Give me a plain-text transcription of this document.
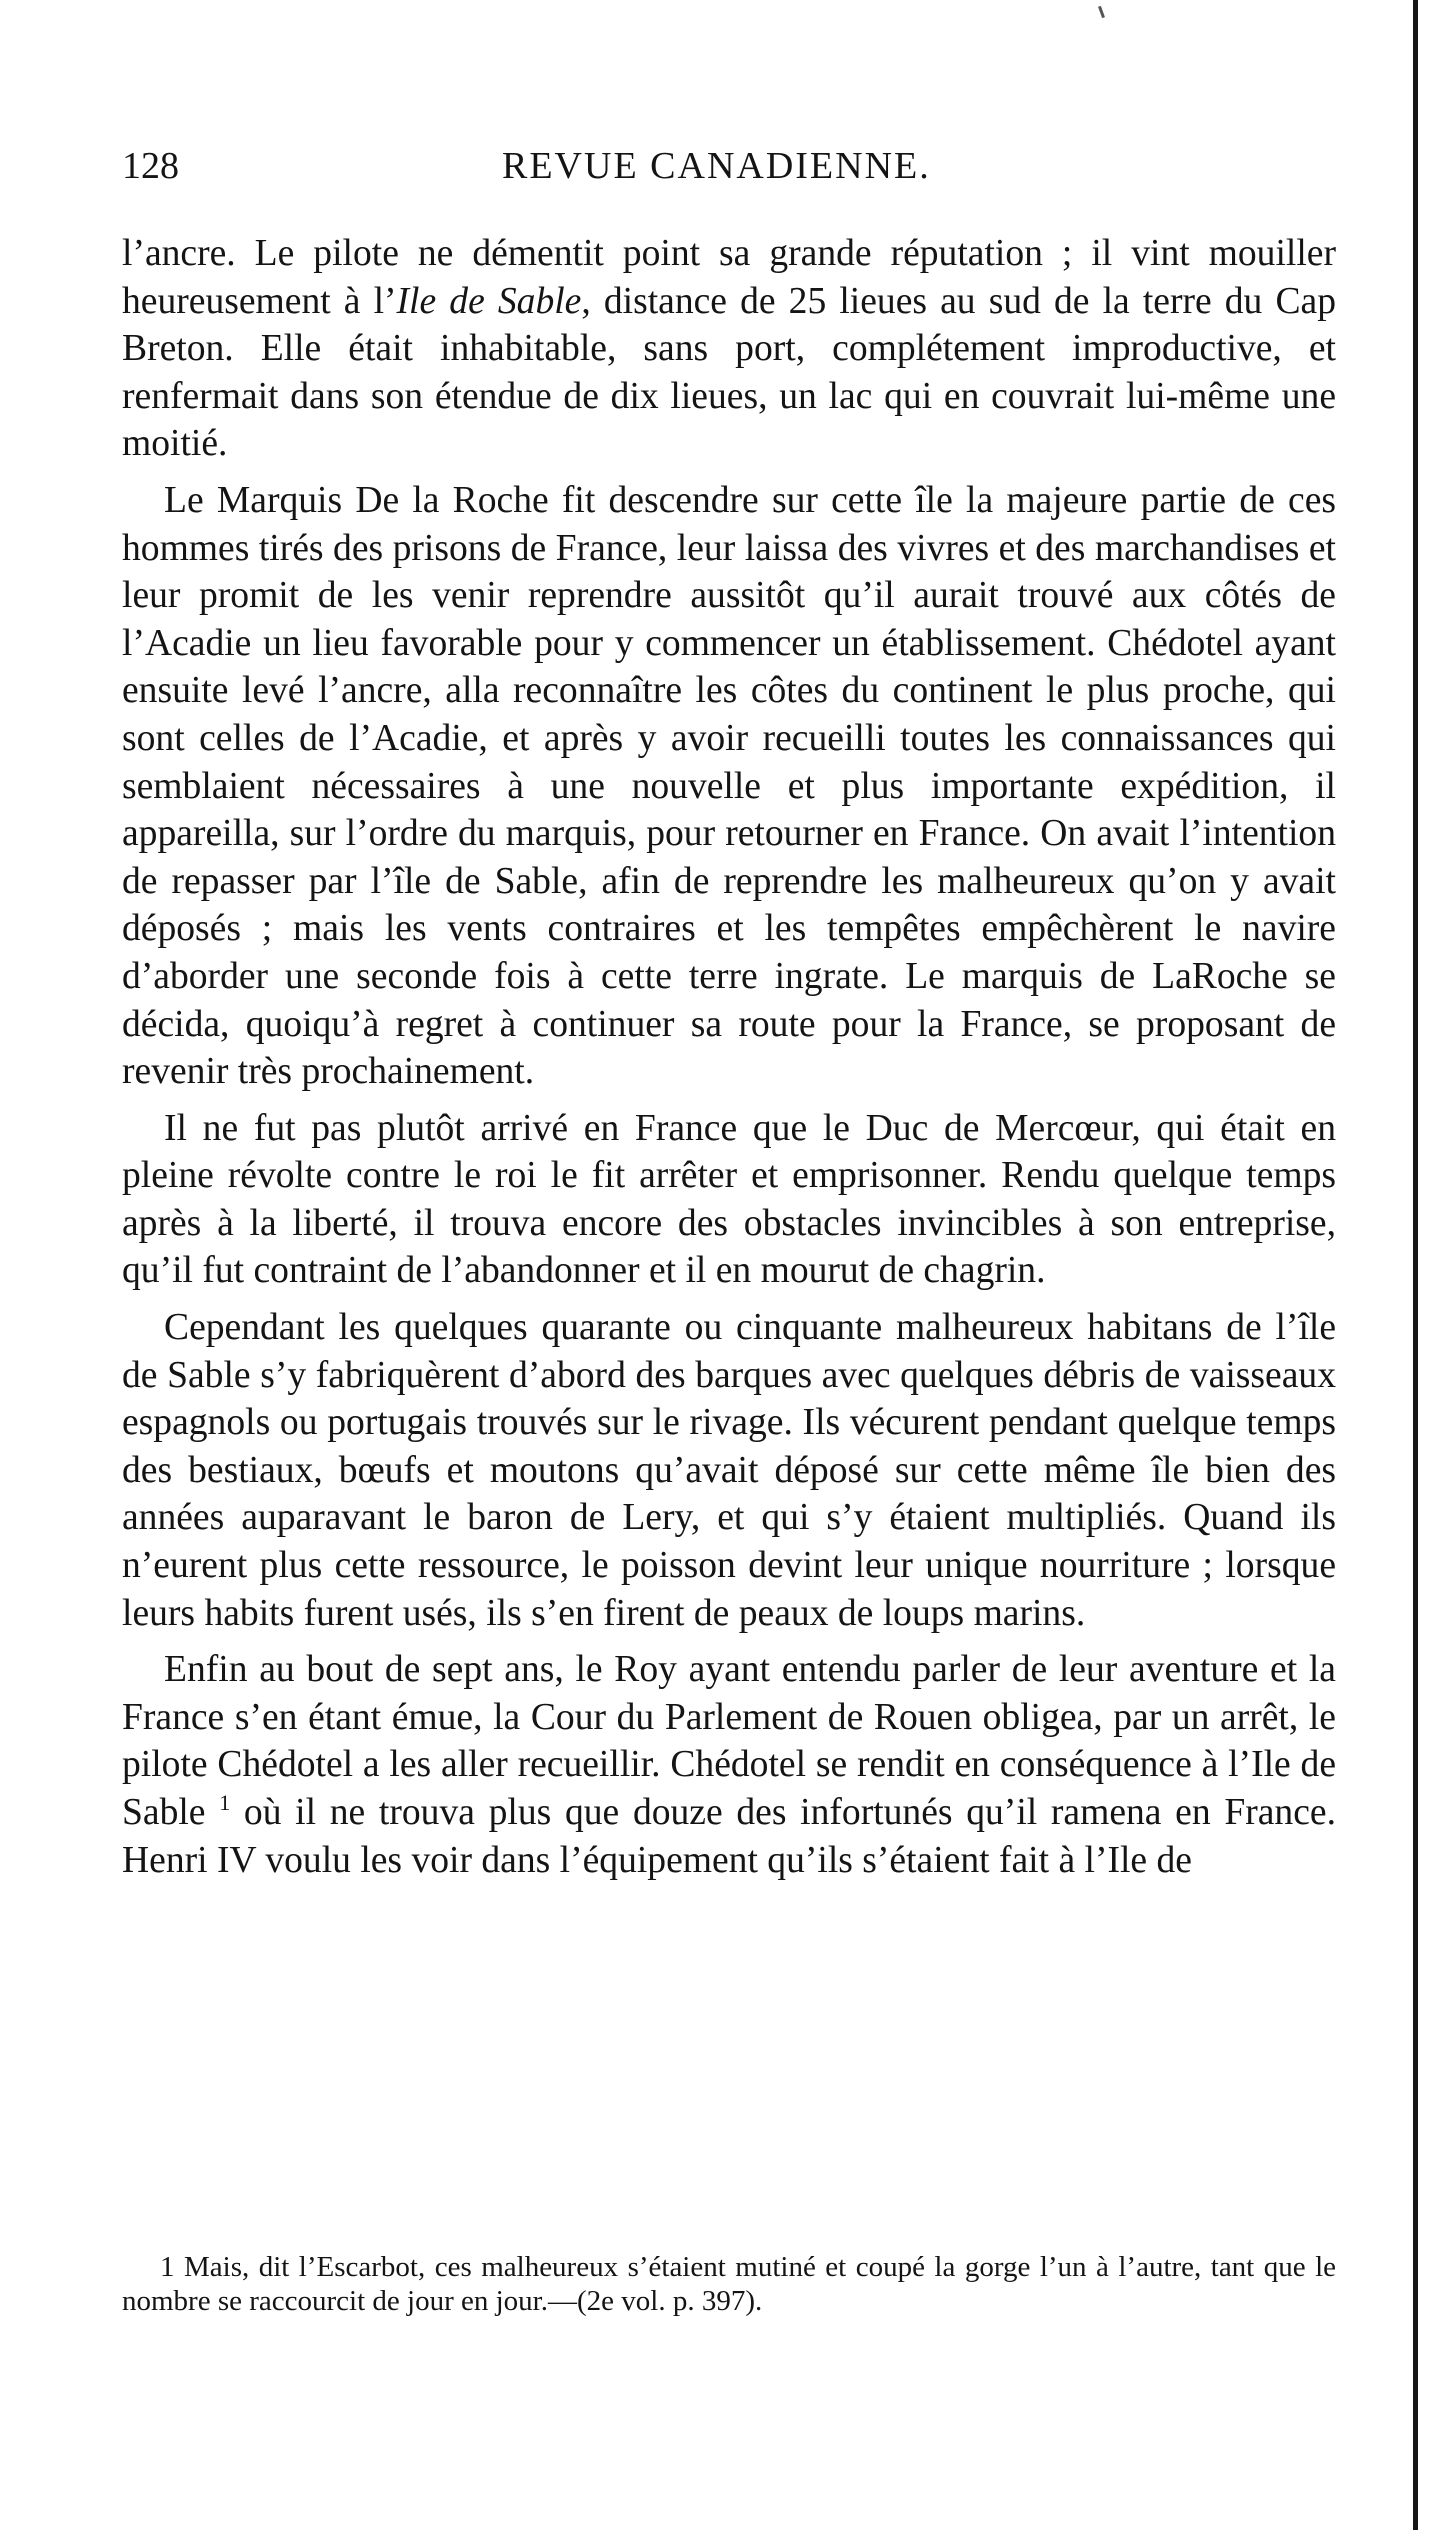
128	REVUE CANADIENNE.

l’ancre. Le pilote ne démentit point sa grande réputation ; il vint mouiller heureusement à l’Ile de Sable, distance de 25 lieues au sud de la terre du Cap Breton. Elle était inhabitable, sans port, complétement improductive, et renfermait dans son étendue de dix lieues, un lac qui en couvrait lui-même une moitié.

Le Marquis De la Roche fit descendre sur cette île la majeure partie de ces hommes tirés des prisons de France, leur laissa des vivres et des marchandises et leur promit de les venir reprendre aussitôt qu’il aurait trouvé aux côtés de l’Acadie un lieu favorable pour y commencer un établissement. Chédotel ayant ensuite levé l’ancre, alla reconnaître les côtes du continent le plus proche, qui sont celles de l’Acadie, et après y avoir recueilli toutes les connaissances qui semblaient nécessaires à une nouvelle et plus importante expédition, il appareilla, sur l’ordre du marquis, pour retourner en France. On avait l’intention de repasser par l’île de Sable, afin de reprendre les malheureux qu’on y avait déposés ; mais les vents contraires et les tempêtes empêchèrent le navire d’aborder une seconde fois à cette terre ingrate. Le marquis de LaRoche se décida, quoiqu’à regret à continuer sa route pour la France, se proposant de revenir très prochainement.

Il ne fut pas plutôt arrivé en France que le Duc de Mercœur, qui était en pleine révolte contre le roi le fit arrêter et emprisonner. Rendu quelque temps après à la liberté, il trouva encore des obstacles invincibles à son entreprise, qu’il fut contraint de l’abandonner et il en mourut de chagrin.

Cependant les quelques quarante ou cinquante malheureux habitans de l’île de Sable s’y fabriquèrent d’abord des barques avec quelques débris de vaisseaux espagnols ou portugais trouvés sur le rivage. Ils vécurent pendant quelque temps des bestiaux, bœufs et moutons qu’avait déposé sur cette même île bien des années auparavant le baron de Lery, et qui s’y étaient multipliés. Quand ils n’eurent plus cette ressource, le poisson devint leur unique nourriture ; lorsque leurs habits furent usés, ils s’en firent de peaux de loups marins.

Enfin au bout de sept ans, le Roy ayant entendu parler de leur aventure et la France s’en étant émue, la Cour du Parlement de Rouen obligea, par un arrêt, le pilote Chédotel a les aller recueillir. Chédotel se rendit en conséquence à l’Ile de Sable $^1$ où il ne trouva plus que douze des infortunés qu’il ramena en France. Henri IV voulu les voir dans l’équipement qu’ils s’étaient fait à l’Ile de

1 Mais, dit l’Escarbot, ces malheureux s’étaient mutiné et coupé la gorge l’un à l’autre, tant que le nombre se raccourcit de jour en jour.—(2e vol. p. 397).
